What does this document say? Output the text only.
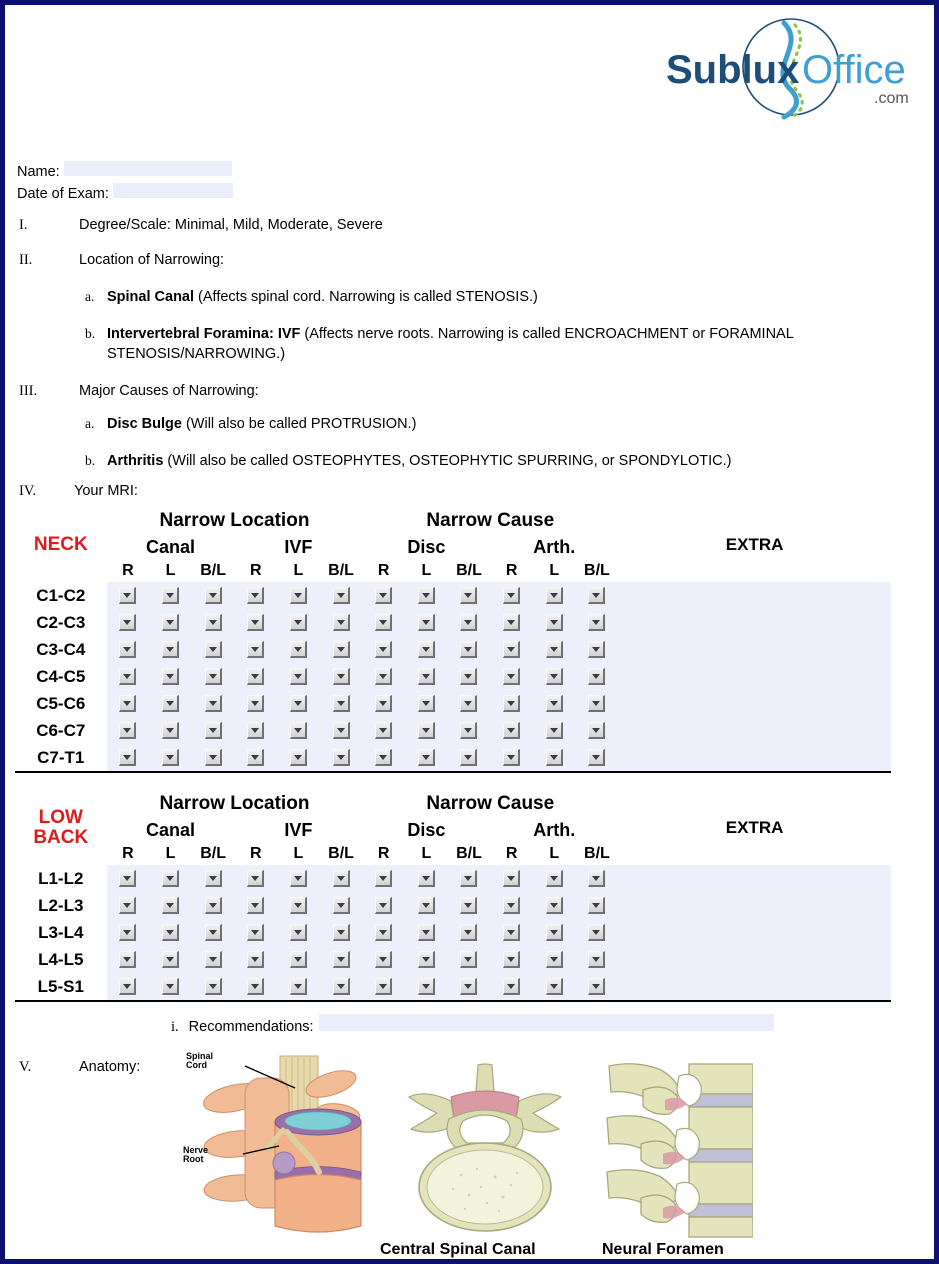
Sublux Office
.com
Name:
Date of Exam:
I.	Degree/Scale: Minimal, Mild, Moderate, Severe
II.	Location of Narrowing:
a. Spinal Canal (Affects spinal cord. Narrowing is called STENOSIS.)
b. Intervertebral Foramina: IVF (Affects nerve roots. Narrowing is called ENCROACHMENT or FORAMINAL STENOSIS/NARROWING.)
III.	Major Causes of Narrowing:
a. Disc Bulge (Will also be called PROTRUSION.)
b. Arthritis (Will also be called OSTEOPHYTES, OSTEOPHYTIC SPURRING, or SPONDYLOTIC.)
IV.	Your MRI:
NECK	Narrow Location						Narrow Cause						EXTRA
	Canal			IVF			Disc			Arth.			
	R	L	B/L	R	L	B/L	R	L	B/L	R	L	B/L	
C1-C2													
C2-C3													
C3-C4													
C4-C5													
C5-C6													
C6-C7													
C7-T1													
LOW
BACK	Narrow Location						Narrow Cause						EXTRA
	Canal			IVF			Disc			Arth.			
	R	L	B/L	R	L	B/L	R	L	B/L	R	L	B/L	
L1-L2													
L2-L3													
L3-L4													
L4-L5													
L5-S1													
i. Recommendations:
V.	Anatomy:
Spinal
Cord
Nerve
Root
Central Spinal Canal	Neural Foramen
